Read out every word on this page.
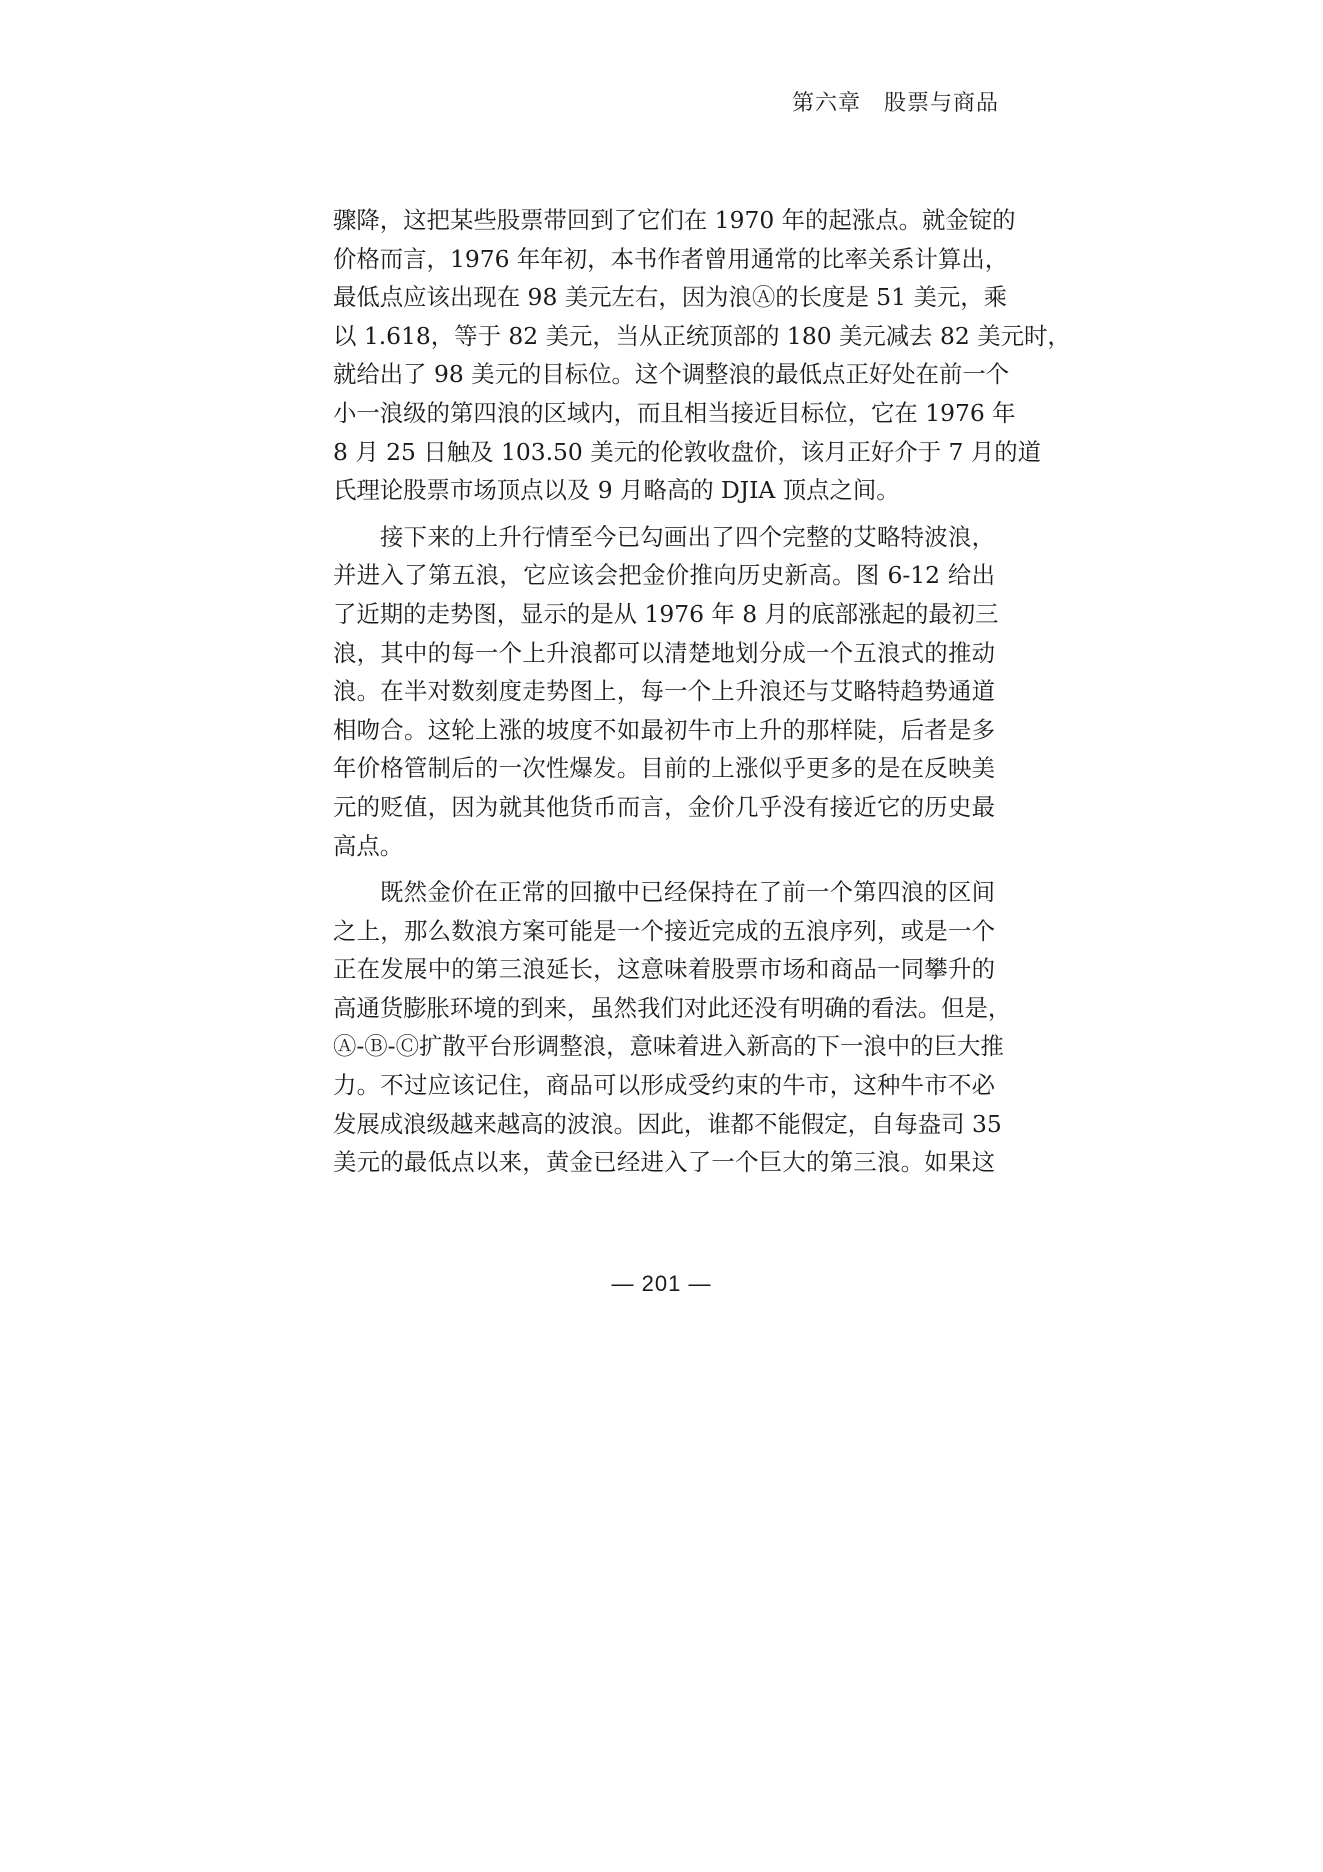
第六章　股票与商品
骤降，这把某些股票带回到了它们在 1970 年的起涨点。就金锭的
价格而言，1976 年年初，本书作者曾用通常的比率关系计算出，
最低点应该出现在 98 美元左右，因为浪Ⓐ的长度是 51 美元，乘
以 1.618，等于 82 美元，当从正统顶部的 180 美元减去 82 美元时，
就给出了 98 美元的目标位。这个调整浪的最低点正好处在前一个
小一浪级的第四浪的区域内，而且相当接近目标位，它在 1976 年
8 月 25 日触及 103.50 美元的伦敦收盘价，该月正好介于 7 月的道
氏理论股票市场顶点以及 9 月略高的 DJIA 顶点之间。
接下来的上升行情至今已勾画出了四个完整的艾略特波浪，
并进入了第五浪，它应该会把金价推向历史新高。图 6-12 给出
了近期的走势图，显示的是从 1976 年 8 月的底部涨起的最初三
浪，其中的每一个上升浪都可以清楚地划分成一个五浪式的推动
浪。在半对数刻度走势图上，每一个上升浪还与艾略特趋势通道
相吻合。这轮上涨的坡度不如最初牛市上升的那样陡，后者是多
年价格管制后的一次性爆发。目前的上涨似乎更多的是在反映美
元的贬值，因为就其他货币而言，金价几乎没有接近它的历史最
高点。
既然金价在正常的回撤中已经保持在了前一个第四浪的区间
之上，那么数浪方案可能是一个接近完成的五浪序列，或是一个
正在发展中的第三浪延长，这意味着股票市场和商品一同攀升的
高通货膨胀环境的到来，虽然我们对此还没有明确的看法。但是，
Ⓐ-Ⓑ-Ⓒ扩散平台形调整浪，意味着进入新高的下一浪中的巨大推
力。不过应该记住，商品可以形成受约束的牛市，这种牛市不必
发展成浪级越来越高的波浪。因此，谁都不能假定，自每盎司 35
美元的最低点以来，黄金已经进入了一个巨大的第三浪。如果这
— 201 —
